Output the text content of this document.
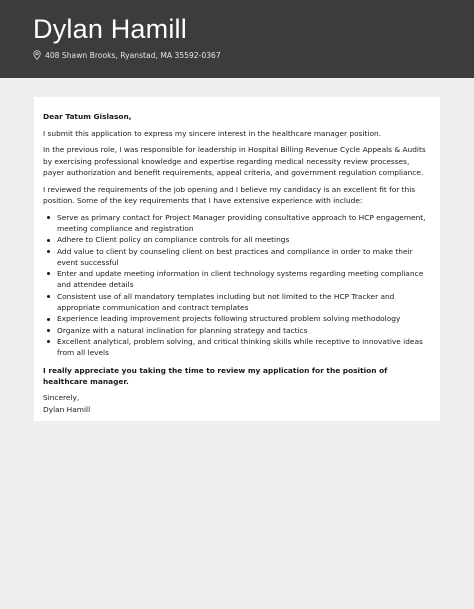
Dylan Hamill
408 Shawn Brooks, Ryanstad, MA 35592-0367
Dear Tatum Gislason,
I submit this application to express my sincere interest in the healthcare manager position.
In the previous role, I was responsible for leadership in Hospital Billing Revenue Cycle Appeals & Audits by exercising professional knowledge and expertise regarding medical necessity review processes, payer authorization and benefit requirements, appeal criteria, and government regulation compliance.
I reviewed the requirements of the job opening and I believe my candidacy is an excellent fit for this position. Some of the key requirements that I have extensive experience with include:
Serve as primary contact for Project Manager providing consultative approach to HCP engagement, meeting compliance and registration
Adhere to Client policy on compliance controls for all meetings
Add value to client by counseling client on best practices and compliance in order to make their event successful
Enter and update meeting information in client technology systems regarding meeting compliance and attendee details
Consistent use of all mandatory templates including but not limited to the HCP Tracker and appropriate communication and contract templates
Experience leading improvement projects following structured problem solving methodology
Organize with a natural inclination for planning strategy and tactics
Excellent analytical, problem solving, and critical thinking skills while receptive to innovative ideas from all levels
I really appreciate you taking the time to review my application for the position of healthcare manager.
Sincerely,
Dylan Hamill
